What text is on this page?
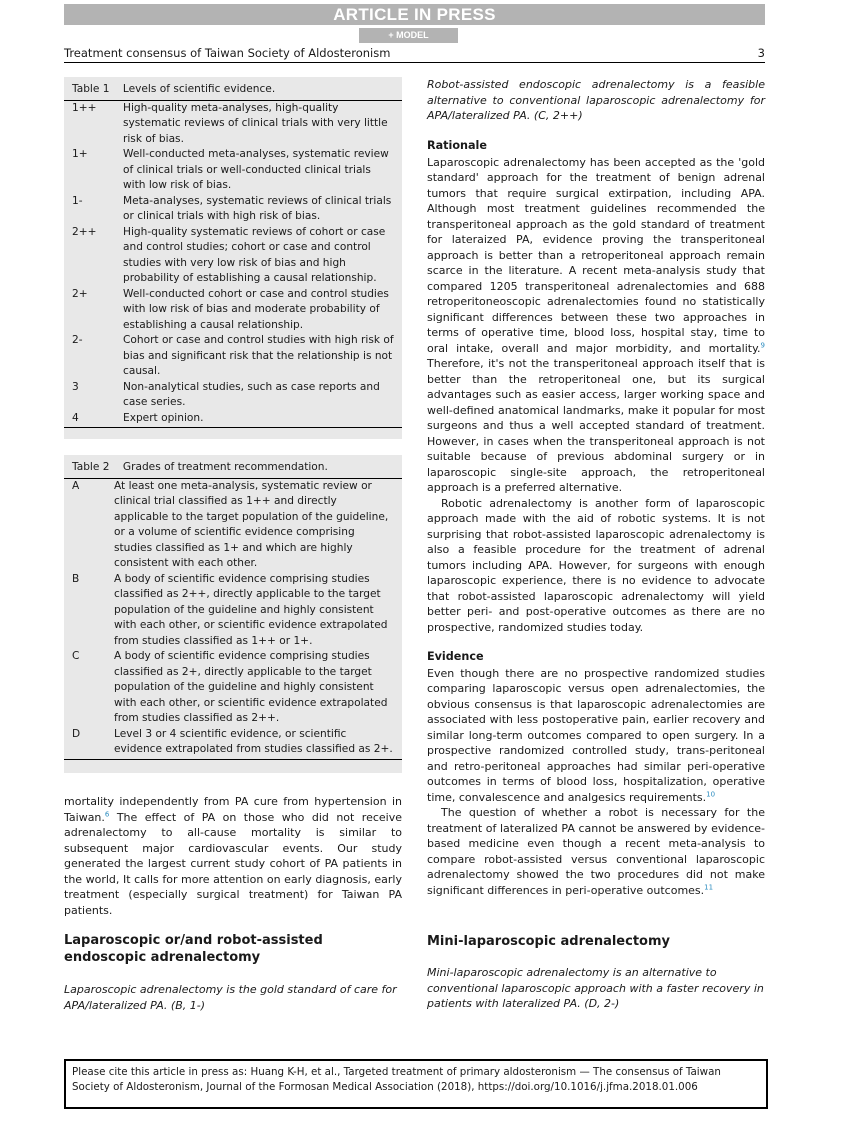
ARTICLE IN PRESS
+ MODEL
Treatment consensus of Taiwan Society of Aldosteronism	3
Table 1 Levels of scientific evidence.
1++	High-quality meta-analyses, high-quality systematic reviews of clinical trials with very little risk of bias.
1+	Well-conducted meta-analyses, systematic review of clinical trials or well-conducted clinical trials with low risk of bias.
1-	Meta-analyses, systematic reviews of clinical trials or clinical trials with high risk of bias.
2++	High-quality systematic reviews of cohort or case and control studies; cohort or case and control studies with very low risk of bias and high probability of establishing a causal relationship.
2+	Well-conducted cohort or case and control studies with low risk of bias and moderate probability of establishing a causal relationship.
2-	Cohort or case and control studies with high risk of bias and significant risk that the relationship is not causal.
3	Non-analytical studies, such as case reports and case series.
4	Expert opinion.
Table 2 Grades of treatment recommendation.
A	At least one meta-analysis, systematic review or clinical trial classified as 1++ and directly applicable to the target population of the guideline, or a volume of scientific evidence comprising studies classified as 1+ and which are highly consistent with each other.
B	A body of scientific evidence comprising studies classified as 2++, directly applicable to the target population of the guideline and highly consistent with each other, or scientific evidence extrapolated from studies classified as 1++ or 1+.
C	A body of scientific evidence comprising studies classified as 2+, directly applicable to the target population of the guideline and highly consistent with each other, or scientific evidence extrapolated from studies classified as 2++.
D	Level 3 or 4 scientific evidence, or scientific evidence extrapolated from studies classified as 2+.

mortality independently from PA cure from hypertension in Taiwan.$^6$ The effect of PA on those who did not receive adrenalectomy to all-cause mortality is similar to subsequent major cardiovascular events. Our study generated the largest current study cohort of PA patients in the world, It calls for more attention on early diagnosis, early treatment (especially surgical treatment) for Taiwan PA patients.

Laparoscopic or/and robot-assisted endoscopic adrenalectomy
Laparoscopic adrenalectomy is the gold standard of care for APA/lateralized PA. (B, 1-)
Robot-assisted endoscopic adrenalectomy is a feasible alternative to conventional laparoscopic adrenalectomy for APA/lateralized PA. (C, 2++)
Rationale

Laparoscopic adrenalectomy has been accepted as the 'gold standard' approach for the treatment of benign adrenal tumors that require surgical extirpation, including APA. Although most treatment guidelines recommended the transperitoneal approach as the gold standard of treatment for lateraized PA, evidence proving the transperitoneal approach is better than a retroperitoneal approach remain scarce in the literature. A recent meta-analysis study that compared 1205 transperitoneal adrenalectomies and 688 retroperitoneoscopic adrenalectomies found no statistically significant differences between these two approaches in terms of operative time, blood loss, hospital stay, time to oral intake, overall and major morbidity, and mortality.$^9$ Therefore, it's not the transperitoneal approach itself that is better than the retroperitoneal one, but its surgical advantages such as easier access, larger working space and well-defined anatomical landmarks, make it popular for most surgeons and thus a well accepted standard of treatment. However, in cases when the transperitoneal approach is not suitable because of previous abdominal surgery or in laparoscopic single-site approach, the retroperitoneal approach is a preferred alternative.

Robotic adrenalectomy is another form of laparoscopic approach made with the aid of robotic systems. It is not surprising that robot-assisted laparoscopic adrenalectomy is also a feasible procedure for the treatment of adrenal tumors including APA. However, for surgeons with enough laparoscopic experience, there is no evidence to advocate that robot-assisted laparoscopic adrenalectomy will yield better peri- and post-operative outcomes as there are no prospective, randomized studies today.

Evidence

Even though there are no prospective randomized studies comparing laparoscopic versus open adrenalectomies, the obvious consensus is that laparoscopic adrenalectomies are associated with less postoperative pain, earlier recovery and similar long-term outcomes compared to open surgery. In a prospective randomized controlled study, trans-peritoneal and retro-peritoneal approaches had similar peri-operative outcomes in terms of blood loss, hospitalization, operative time, convalescence and analgesics requirements.$^{10}$

The question of whether a robot is necessary for the treatment of lateralized PA cannot be answered by evidence-based medicine even though a recent meta-analysis to compare robot-assisted versus conventional laparoscopic adrenalectomy showed the two procedures did not make significant differences in peri-operative outcomes.$^{11}$

Mini-laparoscopic adrenalectomy
Mini-laparoscopic adrenalectomy is an alternative to conventional laparoscopic approach with a faster recovery in patients with lateralized PA. (D, 2-)
Please cite this article in press as: Huang K-H, et al., Targeted treatment of primary aldosteronism — The consensus of Taiwan Society of Aldosteronism, Journal of the Formosan Medical Association (2018), https://doi.org/10.1016/j.jfma.2018.01.006
